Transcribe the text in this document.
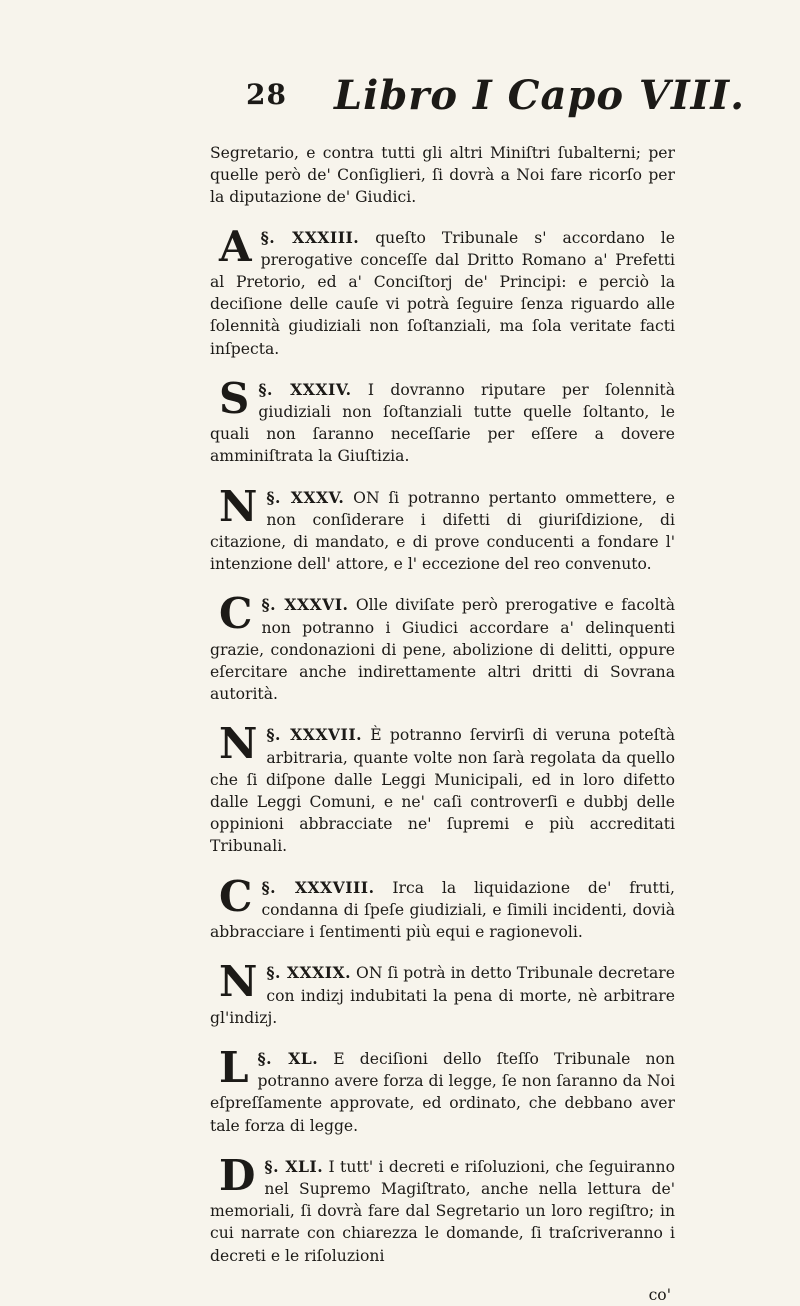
28 Libro I Capo VIII.

Segretario, e contra tutti gli altri Miniſtri ſubalterni; per quelle però de' Conſiglieri, ſi dovrà a Noi fare ricorſo per la diputazione de' Giudici.

§. XXXIII.
A	queſto Tribunale s' accordano le prerogative conceſſe dal Dritto Romano a' Prefetti al Pretorio, ed a' Conciſtorj de' Principi: e perciò la deciſione delle cauſe vi potrà ſeguire ſenza riguardo alle ſolennità giudiziali non ſoſtanziali, ma ſola veritate facti inſpecta.

§. XXXIV.
S	I dovranno riputare per ſolennità giudiziali non ſoſtanziali tutte quelle ſoltanto, le quali non ſaranno neceſſarie per eſſere a dovere amminiſtrata la Giuſtizia.

§. XXXV.
N	ON ſi potranno pertanto ommettere, e non conſiderare i difetti di giuriſdizione, di citazione, di mandato, e di prove conducenti a fondare l' intenzione dell' attore, e l' eccezione del reo convenuto.

§. XXXVI.
C	Olle diviſate però prerogative e facoltà non potranno i Giudici accordare a' delinquenti grazie, condonazioni di pene, abolizione di delitti, oppure eſercitare anche indirettamente altri dritti di Sovrana autorità.

§. XXXVII.
N	È potranno ſervirſi di veruna poteſtà arbitraria, quante volte non ſarà regolata da quello che ſi diſpone dalle Leggi Municipali, ed in loro difetto dalle Leggi Comuni, e ne' caſi controverſi e dubbj delle oppinioni abbracciate ne' ſupremi e più accreditati Tribunali.

§. XXXVIII.
C	Irca la liquidazione de' frutti, condanna di ſpeſe giudiziali, e ſimili incidenti, dovià abbracciare i ſentimenti più equi e ragionevoli.

§. XXXIX.
N	ON ſi potrà in detto Tribunale decretare con indizj indubitati la pena di morte, nè arbitrare gl'indizj.

§. XL.
L	E deciſioni dello ſteſſo Tribunale non potranno avere forza di legge, ſe non ſaranno da Noi eſpreſſamente approvate, ed ordinato, che debbano aver tale forza di legge.

§. XLI.
D	I tutt' i decreti e riſoluzioni, che ſeguiranno nel Supremo Magiſtrato, anche nella lettura de' memoriali, ſi dovrà fare dal Segretario un loro regiſtro; in cui narrate con chiarezza le domande, ſi traſcriveranno i decreti e le riſoluzioni

co'
